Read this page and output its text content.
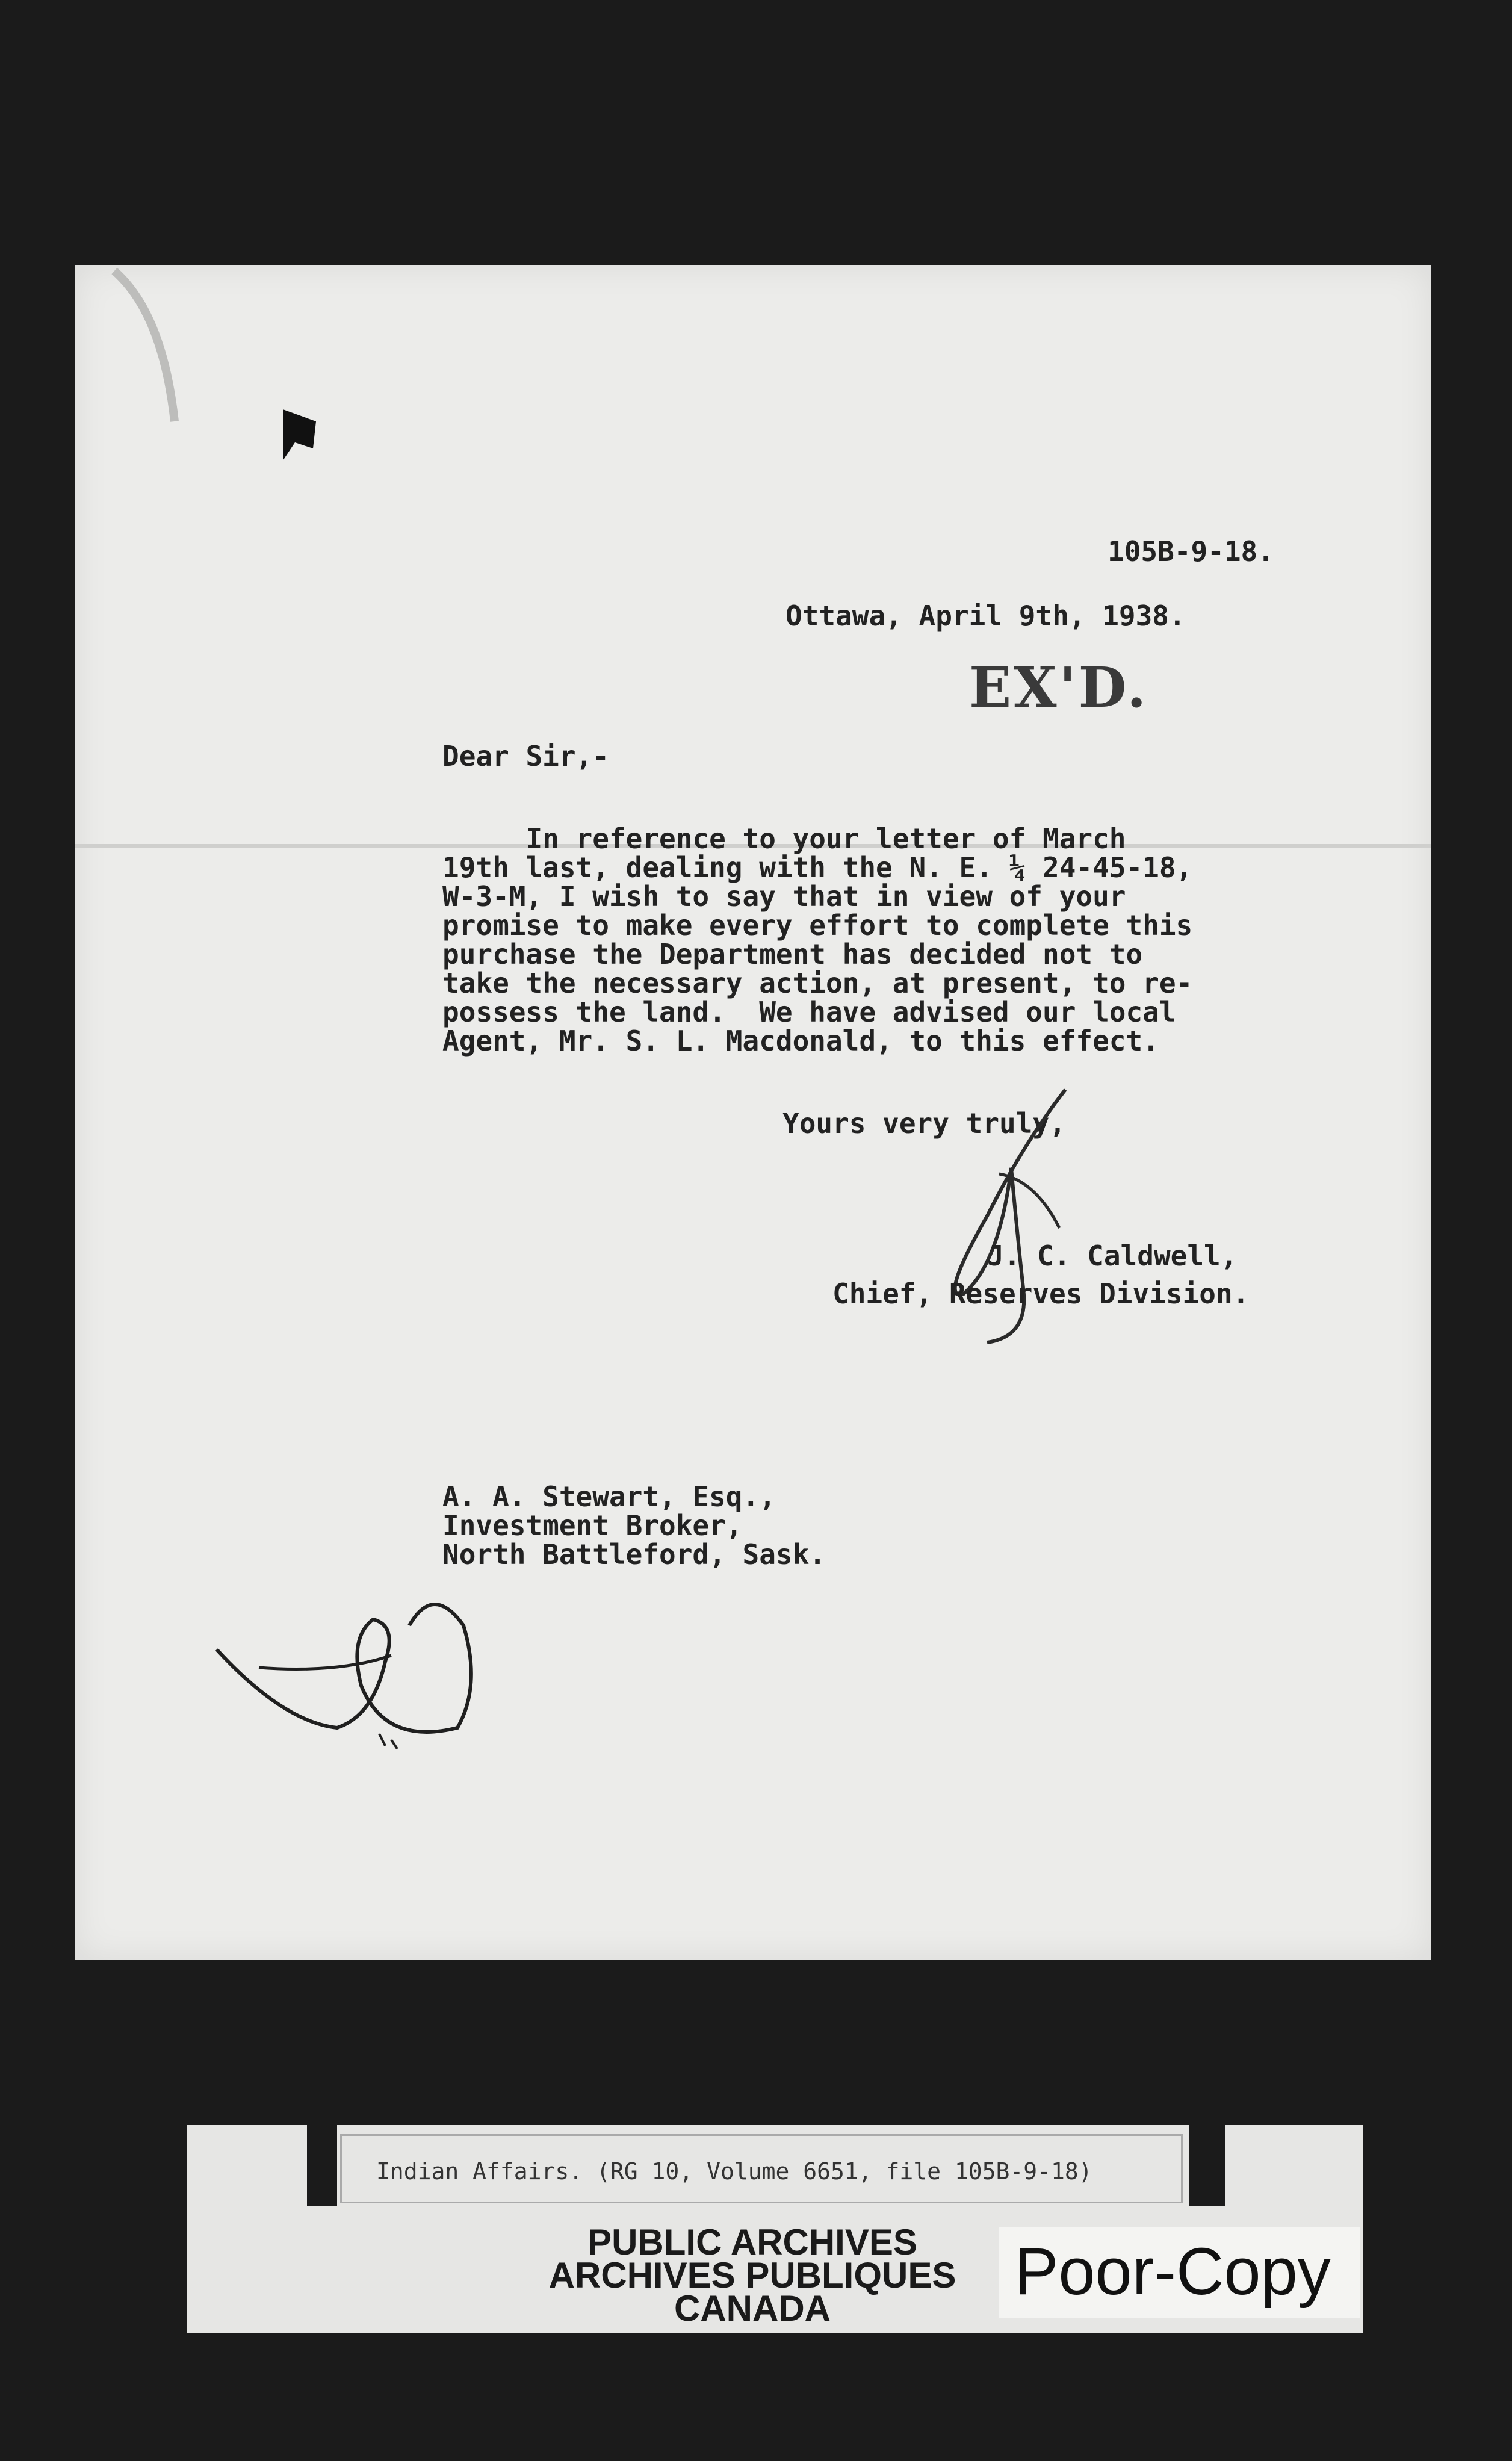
105B-9-18.
Ottawa, April 9th, 1938.
EX'D.
Dear Sir,-
In reference to your letter of March
19th last, dealing with the N. E. ¼ 24-45-18,
W-3-M, I wish to say that in view of your
promise to make every effort to complete this
purchase the Department has decided not to
take the necessary action, at present, to re-
possess the land.  We have advised our local
Agent, Mr. S. L. Macdonald, to this effect.
Yours very truly,
J. C. Caldwell,
Chief, Reserves Division.
A. A. Stewart, Esq.,
Investment Broker,
North Battleford, Sask.
Indian Affairs. (RG 10, Volume 6651, file 105B-9-18)
PUBLIC ARCHIVES
ARCHIVES PUBLIQUES
CANADA	Poor-Copy
